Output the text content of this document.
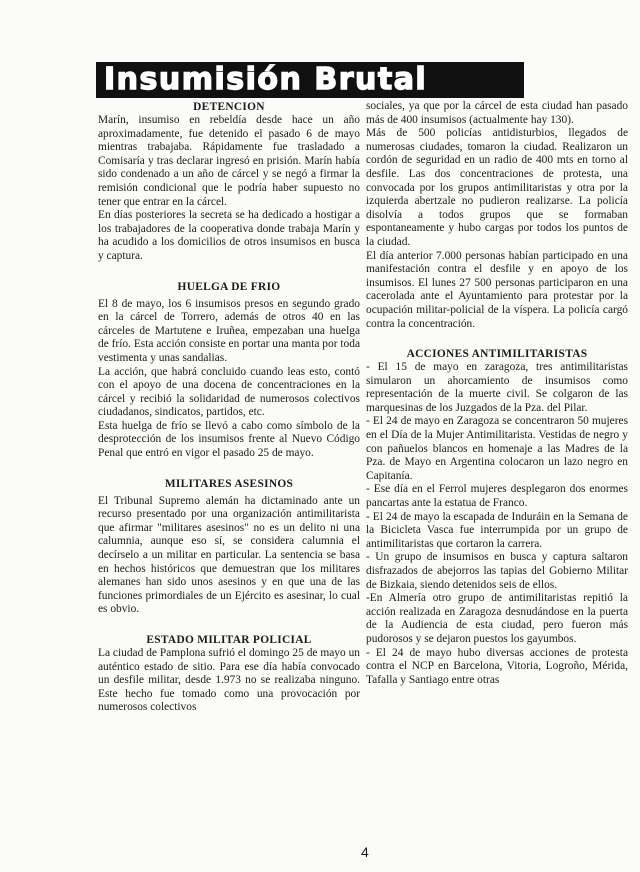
Insumisión Brutal
DETENCION

Marín, insumiso en rebeldía desde hace un año aproximadamente, fue detenido el pasado 6 de mayo mientras trabajaba. Rápidamente fue trasladado a Comisaría y tras declarar ingresó en prisión. Marín había sido condenado a un año de cárcel y se negó a firmar la remisión condicional que le podría haber supuesto no tener que entrar en la cárcel.

En días posteriores la secreta se ha dedicado a hostigar a los trabajadores de la cooperativa donde trabaja Marín y ha acudido a los domicilios de otros insumisos en busca y captura.

HUELGA DE FRIO

El 8 de mayo, los 6 insumisos presos en segundo grado en la cárcel de Torrero, además de otros 40 en las cárceles de Martutene e Iruñea, empezaban una huelga de frío. Esta acción consiste en portar una manta por toda vestimenta y unas sandalias.

La acción, que habrá concluido cuando leas esto, contó con el apoyo de una docena de concentraciones en la cárcel y recibió la solidaridad de numerosos colectivos ciudadanos, sindicatos, partidos, etc.

Esta huelga de frío se llevó a cabo como símbolo de la desprotección de los insumisos frente al Nuevo Código Penal que entró en vigor el pasado 25 de mayo.

MILITARES ASESINOS

El Tribunal Supremo alemán ha dictaminado ante un recurso presentado por una organización antimilitarista que afirmar "militares asesinos" no es un delito ni una calumnia, aunque eso sí, se considera calumnia el decírselo a un militar en particular. La sentencia se basa en hechos históricos que demuestran que los militares alemanes han sido unos asesinos y en que una de las funciones primordiales de un Ejército es asesinar, lo cual es obvio.

ESTADO MILITAR POLICIAL

La ciudad de Pamplona sufrió el domingo 25 de mayo un auténtico estado de sitio. Para ese día había convocado un desfile militar, desde 1.973 no se realizaba ninguno. Este hecho fue tomado como una provocación por numerosos colectivos

sociales, ya que por la cárcel de esta ciudad han pasado más de 400 insumisos (actualmente hay 130).

Más de 500 policías antidisturbios, llegados de numerosas ciudades, tomaron la ciudad. Realizaron un cordón de seguridad en un radio de 400 mts en torno al desfile. Las dos concentraciones de protesta, una convocada por los grupos antimilitaristas y otra por la izquierda abertzale no pudieron realizarse. La policía disolvía a todos grupos que se formaban espontaneamente y hubo cargas por todos los puntos de la ciudad.

El día anterior 7.000 personas habían participado en una manifestación contra el desfile y en apoyo de los insumisos. El lunes 27 500 personas participaron en una cacerolada ante el Ayuntamiento para protestar por la ocupación militar-policial de la víspera. La policía cargó contra la concentración.

ACCIONES ANTIMILITARISTAS

- El 15 de mayo en zaragoza, tres antimilitaristas simularon un ahorcamiento de insumisos como representación de la muerte civil. Se colgaron de las marquesinas de los Juzgados de la Pza. del Pilar.

- El 24 de mayo en Zaragoza se concentraron 50 mujeres en el Día de la Mujer Antimilitarista. Vestidas de negro y con pañuelos blancos en homenaje a las Madres de la Pza. de Mayo en Argentina colocaron un lazo negro en Capitanía.

- Ese día en el Ferrol mujeres desplegaron dos enormes pancartas ante la estatua de Franco.

- El 24 de mayo la escapada de Induráin en la Semana de la Bicicleta Vasca fue interrumpida por un grupo de antimilitaristas que cortaron la carrera.

- Un grupo de insumisos en busca y captura saltaron disfrazados de abejorros las tapias del Gobierno Militar de Bizkaia, siendo detenidos seis de ellos.

-En Almería otro grupo de antimilitaristas repitió la acción realizada en Zaragoza desnudándose en la puerta de la Audiencia de esta ciudad, pero fueron más pudorosos y se dejaron puestos los gayumbos.

- El 24 de mayo hubo diversas acciones de protesta contra el NCP en Barcelona, Vitoria, Logroño, Mérida, Tafalla y Santiago entre otras

4
